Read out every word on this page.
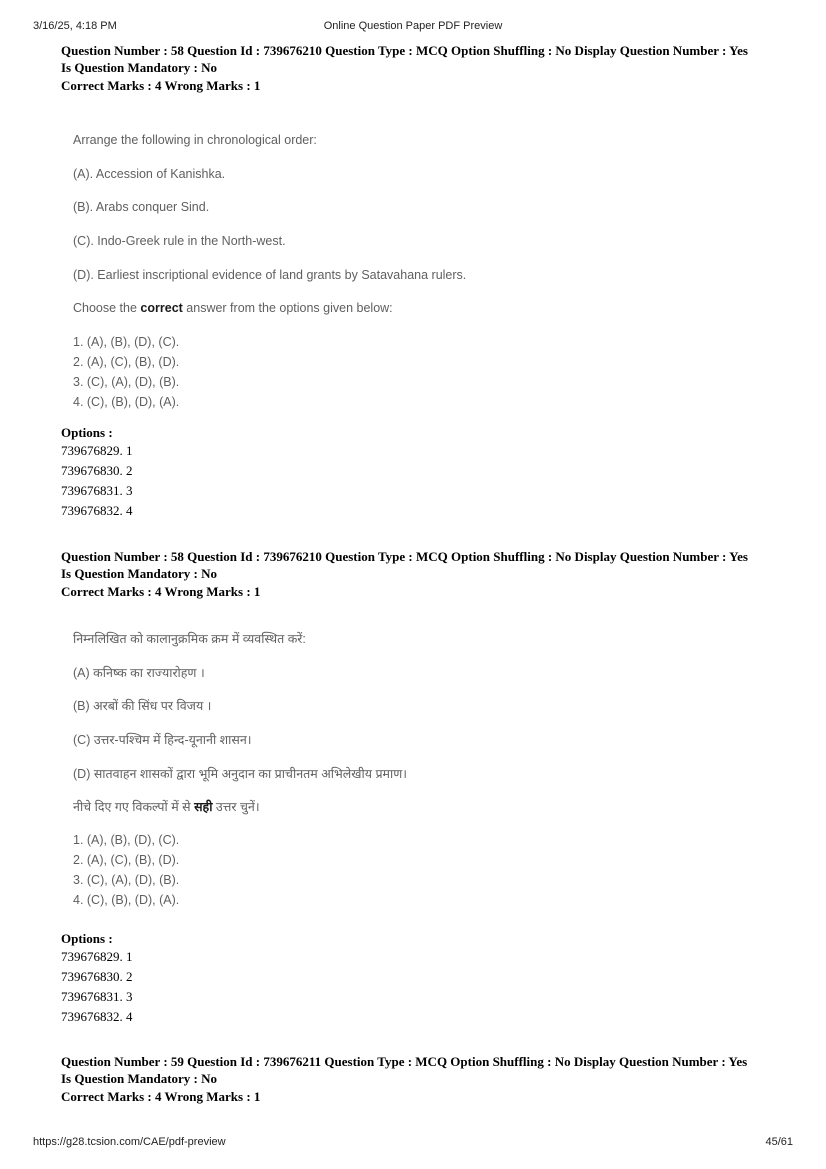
3/16/25, 4:18 PM	Online Question Paper PDF Preview
Question Number : 58 Question Id : 739676210 Question Type : MCQ Option Shuffling : No Display Question Number : Yes
Is Question Mandatory : No
Correct Marks : 4 Wrong Marks : 1
Arrange the following in chronological order:
(A). Accession of Kanishka.
(B). Arabs conquer Sind.
(C). Indo-Greek rule in the North-west.
(D). Earliest inscriptional evidence of land grants by Satavahana rulers.
Choose the correct answer from the options given below:
1. (A), (B), (D), (C).
2. (A), (C), (B), (D).
3. (C), (A), (D), (B).
4. (C), (B), (D), (A).
Options :
739676829. 1
739676830. 2
739676831. 3
739676832. 4
Question Number : 58 Question Id : 739676210 Question Type : MCQ Option Shuffling : No Display Question Number : Yes
Is Question Mandatory : No
Correct Marks : 4 Wrong Marks : 1
निम्नलिखित को कालानुक्रमिक क्रम में व्यवस्थित करें:
(A) कनिष्क का राज्यारोहण ।
(B) अरबों की सिंध पर विजय ।
(C) उत्तर-पश्चिम में हिन्द-यूनानी शासन।
(D) सातवाहन शासकों द्वारा भूमि अनुदान का प्राचीनतम अभिलेखीय प्रमाण।
नीचे दिए गए विकल्पों में से सही उत्तर चुनें।
1. (A), (B), (D), (C).
2. (A), (C), (B), (D).
3. (C), (A), (D), (B).
4. (C), (B), (D), (A).
Options :
739676829. 1
739676830. 2
739676831. 3
739676832. 4
Question Number : 59 Question Id : 739676211 Question Type : MCQ Option Shuffling : No Display Question Number : Yes
Is Question Mandatory : No
Correct Marks : 4 Wrong Marks : 1
https://g28.tcsion.com/CAE/pdf-preview	45/61
